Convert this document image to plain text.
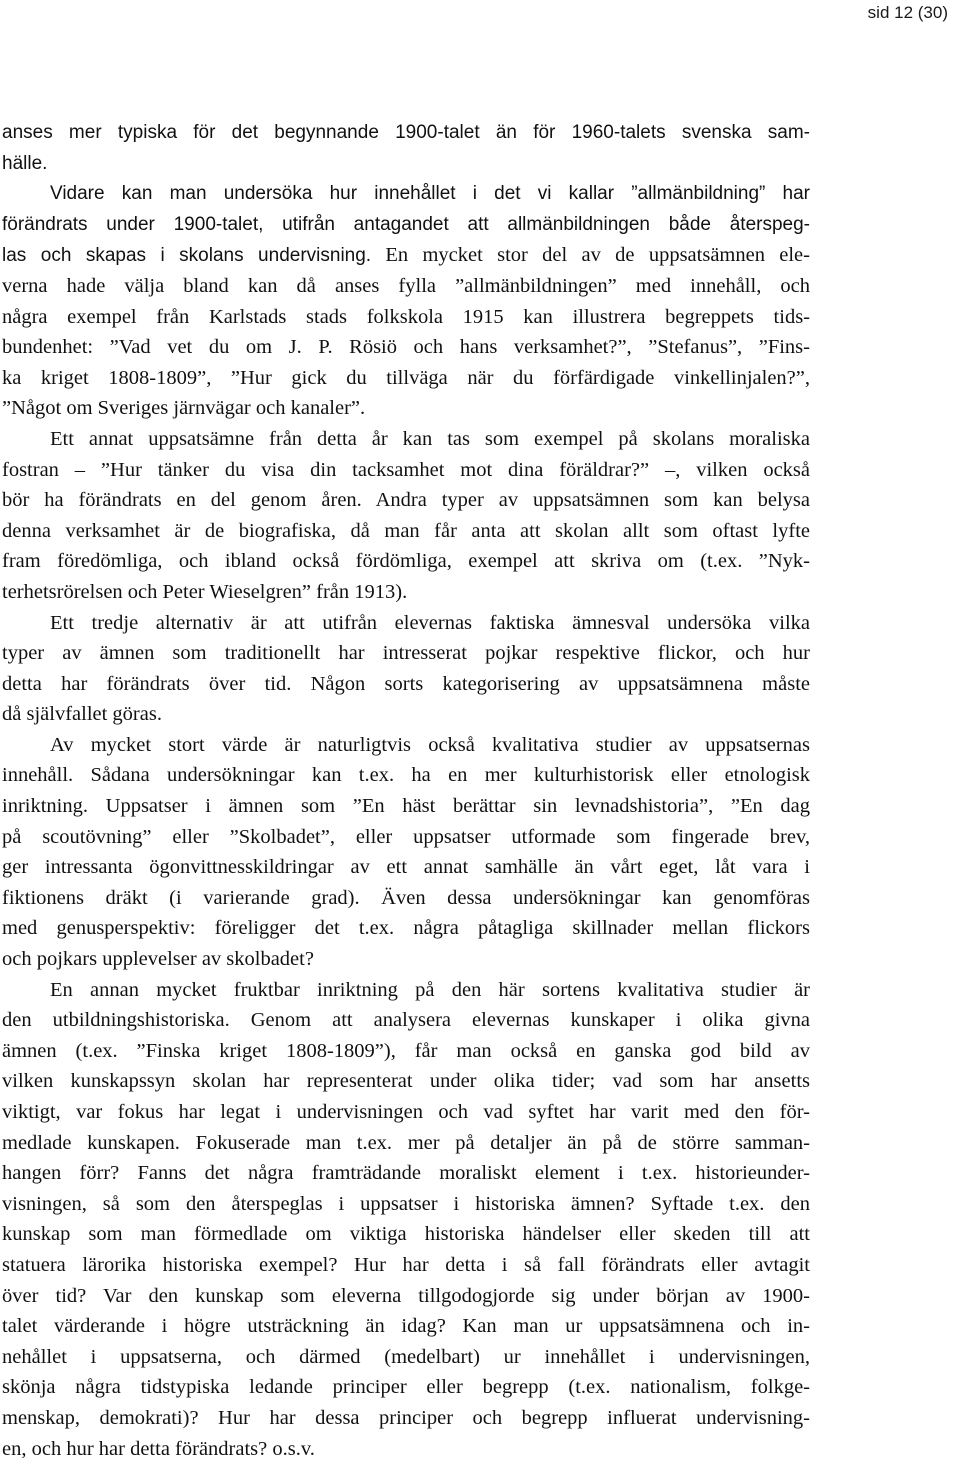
sid 12 (30)
anses mer typiska för det begynnande 1900-talet än för 1960-talets svenska sam-
hälle.
Vidare kan man undersöka hur innehållet i det vi kallar ”allmänbildning” har
förändrats under 1900-talet, utifrån antagandet att allmänbildningen både återspeg-
las och skapas i skolans undervisning. En mycket stor del av de uppsatsämnen ele-
verna hade välja bland kan då anses fylla ”allmänbildningen” med innehåll, och
några exempel från Karlstads stads folkskola 1915 kan illustrera begreppets tids-
bundenhet: ”Vad vet du om J. P. Rösiö och hans verksamhet?”, ”Stefanus”, ”Fins-
ka kriget 1808-1809”, ”Hur gick du tillväga när du förfärdigade vinkellinjalen?”,
”Något om Sveriges järnvägar och kanaler”.
Ett annat uppsatsämne från detta år kan tas som exempel på skolans moraliska
fostran – ”Hur tänker du visa din tacksamhet mot dina föräldrar?” –, vilken också
bör ha förändrats en del genom åren. Andra typer av uppsatsämnen som kan belysa
denna verksamhet är de biografiska, då man får anta att skolan allt som oftast lyfte
fram föredömliga, och ibland också fördömliga, exempel att skriva om (t.ex. ”Nyk-
terhetsrörelsen och Peter Wieselgren” från 1913).
Ett tredje alternativ är att utifrån elevernas faktiska ämnesval undersöka vilka
typer av ämnen som traditionellt har intresserat pojkar respektive flickor, och hur
detta har förändrats över tid. Någon sorts kategorisering av uppsatsämnena måste
då självfallet göras.
Av mycket stort värde är naturligtvis också kvalitativa studier av uppsatsernas
innehåll. Sådana undersökningar kan t.ex. ha en mer kulturhistorisk eller etnologisk
inriktning. Uppsatser i ämnen som ”En häst berättar sin levnadshistoria”, ”En dag
på scoutövning” eller ”Skolbadet”, eller uppsatser utformade som fingerade brev,
ger intressanta ögonvittnesskildringar av ett annat samhälle än vårt eget, låt vara i
fiktionens dräkt (i varierande grad). Även dessa undersökningar kan genomföras
med genusperspektiv: föreligger det t.ex. några påtagliga skillnader mellan flickors
och pojkars upplevelser av skolbadet?
En annan mycket fruktbar inriktning på den här sortens kvalitativa studier är
den utbildningshistoriska. Genom att analysera elevernas kunskaper i olika givna
ämnen (t.ex. ”Finska kriget 1808-1809”), får man också en ganska god bild av
vilken kunskapssyn skolan har representerat under olika tider; vad som har ansetts
viktigt, var fokus har legat i undervisningen och vad syftet har varit med den för-
medlade kunskapen. Fokuserade man t.ex. mer på detaljer än på de större samman-
hangen förr? Fanns det några framträdande moraliskt element i t.ex. historieunder-
visningen, så som den återspeglas i uppsatser i historiska ämnen? Syftade t.ex. den
kunskap som man förmedlade om viktiga historiska händelser eller skeden till att
statuera lärorika historiska exempel? Hur har detta i så fall förändrats eller avtagit
över tid? Var den kunskap som eleverna tillgodogjorde sig under början av 1900-
talet värderande i högre utsträckning än idag? Kan man ur uppsatsämnena och in-
nehållet i uppsatserna, och därmed (medelbart) ur innehållet i undervisningen,
skönja några tidstypiska ledande principer eller begrepp (t.ex. nationalism, folkge-
menskap, demokrati)? Hur har dessa principer och begrepp influerat undervisning-
en, och hur har detta förändrats? o.s.v.
